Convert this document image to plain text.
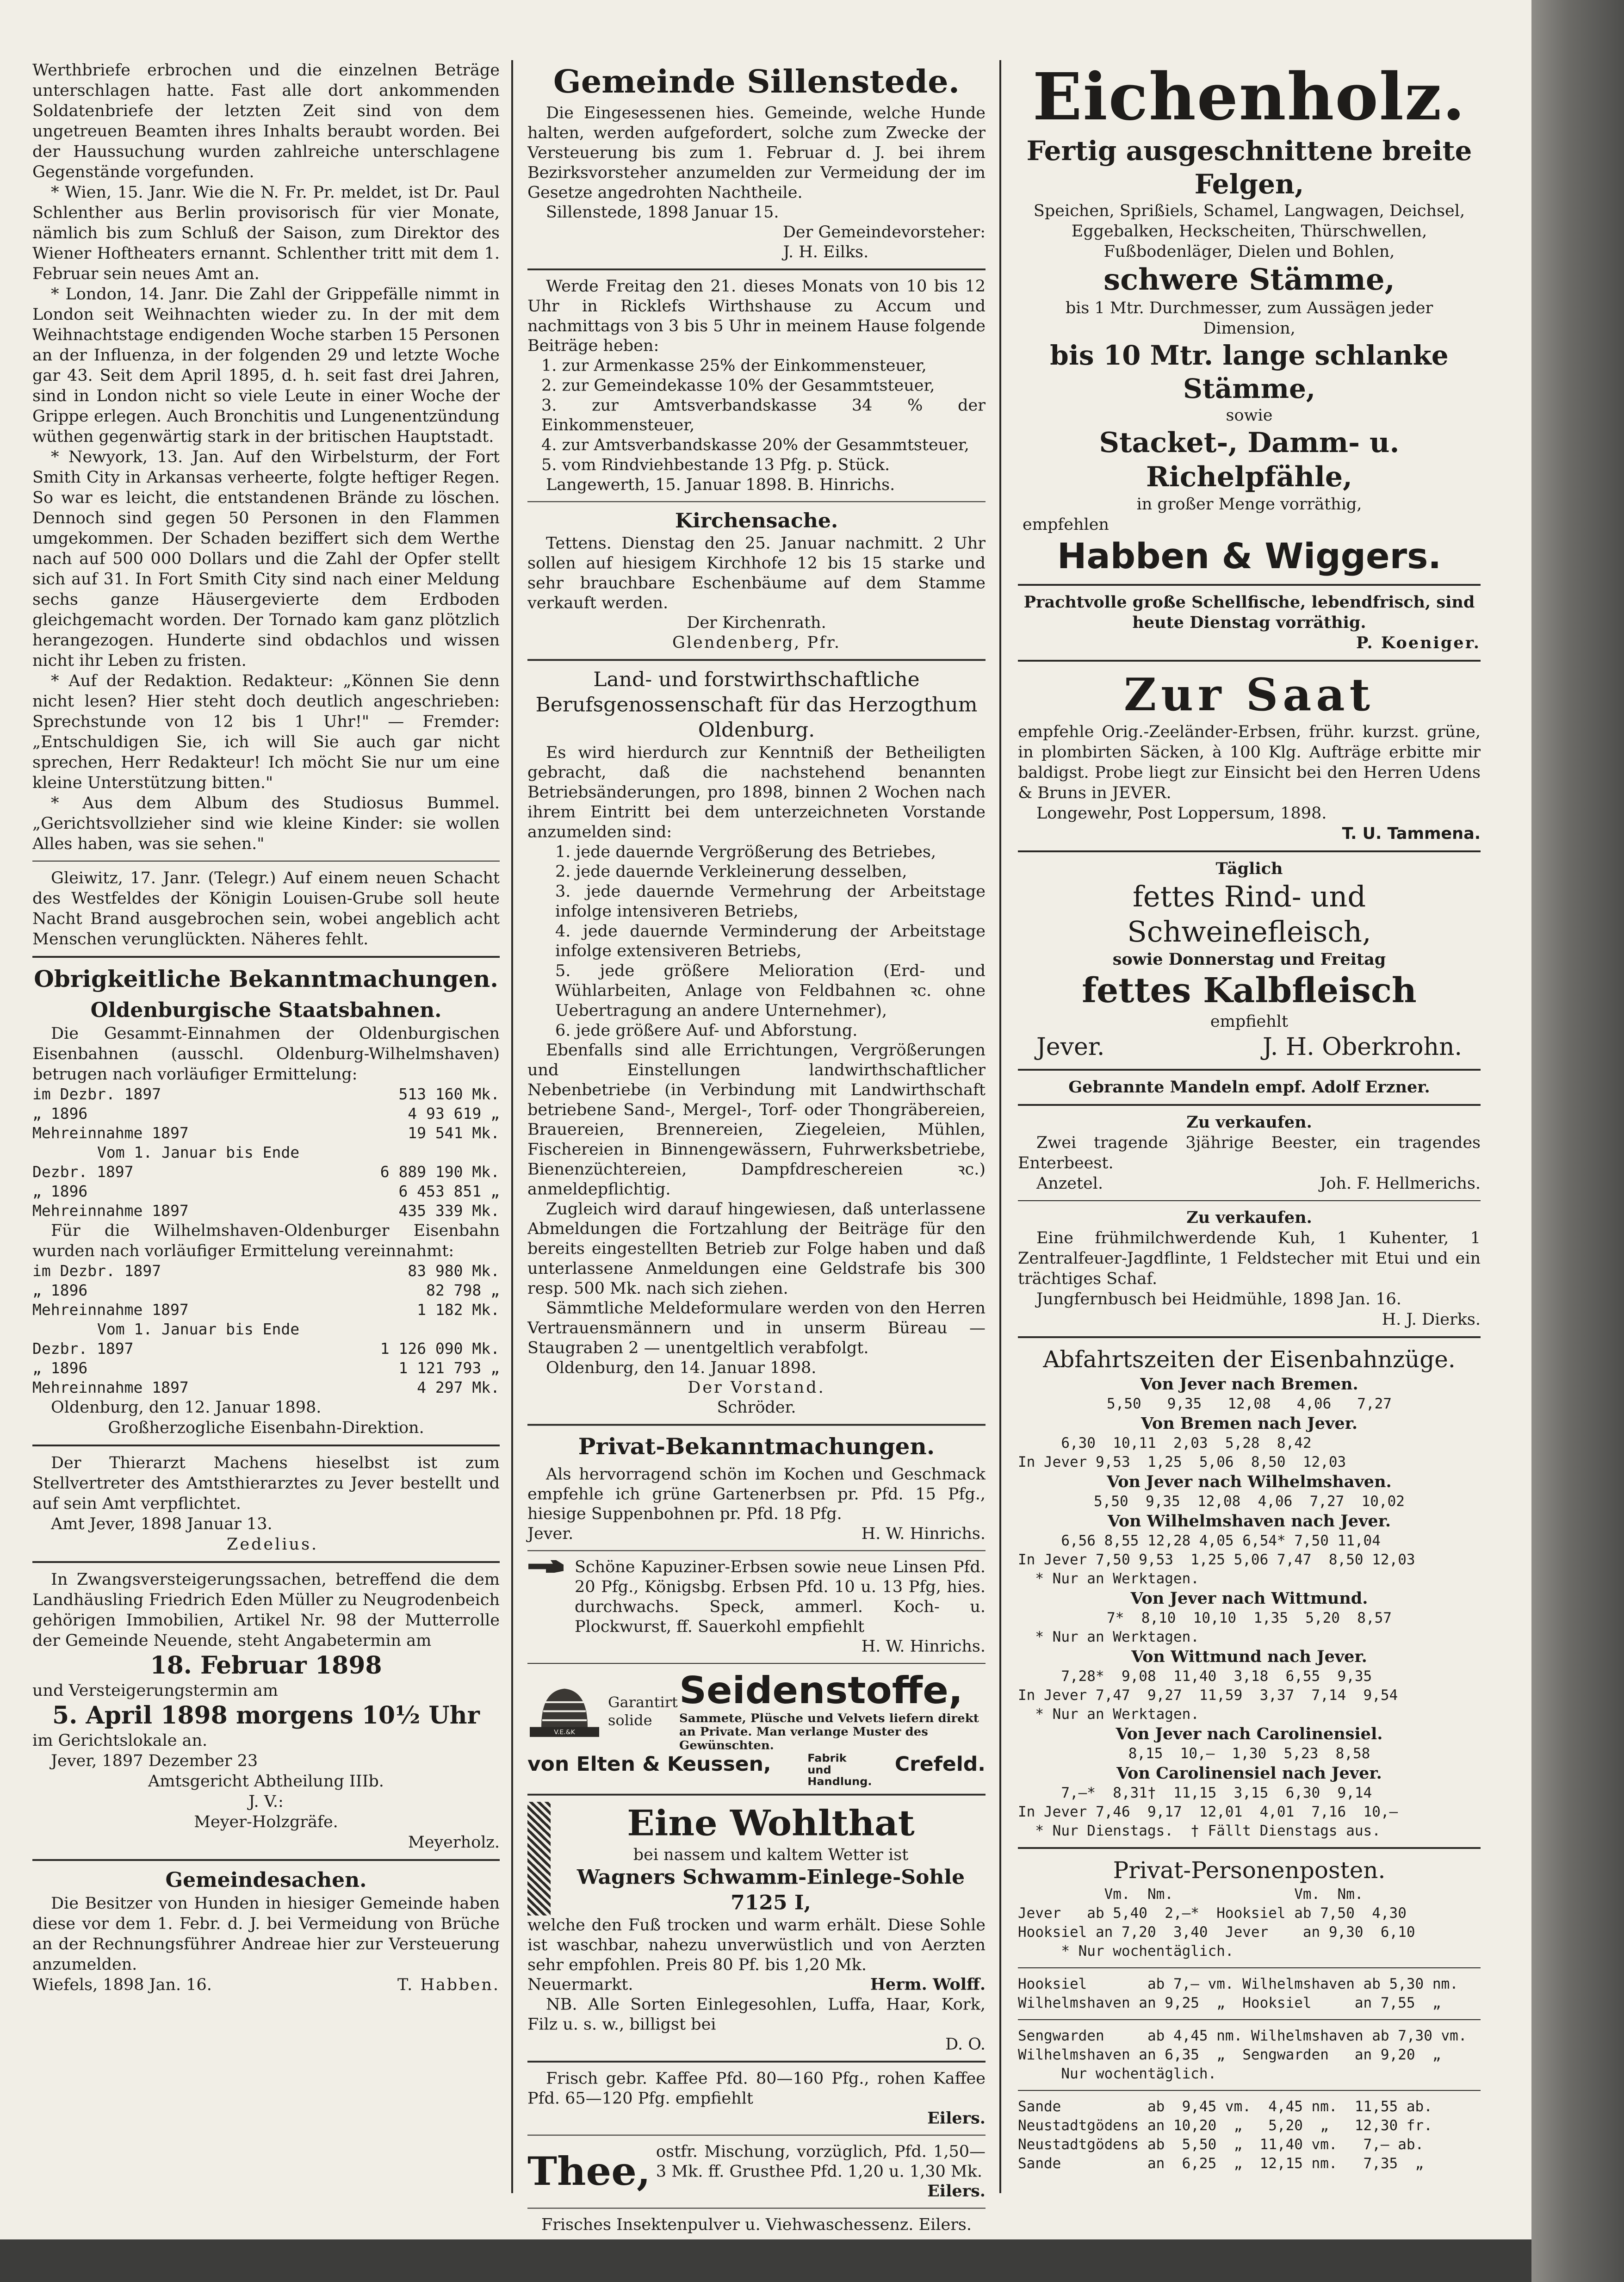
Werthbriefe erbrochen und die einzelnen Beträge unterschlagen hatte. Fast alle dort ankommenden Soldatenbriefe der letzten Zeit sind von dem ungetreuen Beamten ihres Inhalts beraubt worden. Bei der Haussuchung wurden zahlreiche unterschlagene Gegenstände vorgefunden.

* Wien, 15. Janr. Wie die N. Fr. Pr. meldet, ist Dr. Paul Schlenther aus Berlin provisorisch für vier Monate, nämlich bis zum Schluß der Saison, zum Direktor des Wiener Hoftheaters ernannt. Schlenther tritt mit dem 1. Februar sein neues Amt an.

* London, 14. Janr. Die Zahl der Grippefälle nimmt in London seit Weihnachten wieder zu. In der mit dem Weihnachtstage endigenden Woche starben 15 Personen an der Influenza, in der folgenden 29 und letzte Woche gar 43. Seit dem April 1895, d. h. seit fast drei Jahren, sind in London nicht so viele Leute in einer Woche der Grippe erlegen. Auch Bronchitis und Lungenentzündung wüthen gegenwärtig stark in der britischen Hauptstadt.

* Newyork, 13. Jan. Auf den Wirbelsturm, der Fort Smith City in Arkansas verheerte, folgte heftiger Regen. So war es leicht, die entstandenen Brände zu löschen. Dennoch sind gegen 50 Personen in den Flammen umgekommen. Der Schaden beziffert sich dem Werthe nach auf 500 000 Dollars und die Zahl der Opfer stellt sich auf 31. In Fort Smith City sind nach einer Meldung sechs ganze Häusergevierte dem Erdboden gleichgemacht worden. Der Tornado kam ganz plötzlich herangezogen. Hunderte sind obdachlos und wissen nicht ihr Leben zu fristen.

* Auf der Redaktion. Redakteur: „Können Sie denn nicht lesen? Hier steht doch deutlich angeschrieben: Sprechstunde von 12 bis 1 Uhr!" — Fremder: „Entschuldigen Sie, ich will Sie auch gar nicht sprechen, Herr Redakteur! Ich möcht Sie nur um eine kleine Unterstützung bitten."

* Aus dem Album des Studiosus Bummel. „Gerichtsvollzieher sind wie kleine Kinder: sie wollen Alles haben, was sie sehen."

Gleiwitz, 17. Janr. (Telegr.) Auf einem neuen Schacht des Westfeldes der Königin Louisen-Grube soll heute Nacht Brand ausgebrochen sein, wobei angeblich acht Menschen verunglückten. Näheres fehlt.

Obrigkeitliche Bekanntmachungen.
Oldenburgische Staatsbahnen.

Die Gesammt-Einnahmen der Oldenburgischen Eisenbahnen (ausschl. Oldenburg-Wilhelmshaven) betrugen nach vorläufiger Ermittelung:

im Dezbr. 1897	513 160 Mk.
„ 1896	4 93 619 „
Mehreinnahme 1897	19 541 Mk.
Vom 1. Januar bis Ende
Dezbr. 1897	6 889 190 Mk.
„ 1896	6 453 851 „
Mehreinnahme 1897	435 339 Mk.

Für die Wilhelmshaven-Oldenburger Eisenbahn wurden nach vorläufiger Ermittelung vereinnahmt:

im Dezbr. 1897	83 980 Mk.
„ 1896	82 798 „
Mehreinnahme 1897	1 182 Mk.
Vom 1. Januar bis Ende
Dezbr. 1897	1 126 090 Mk.
„ 1896	1 121 793 „
Mehreinnahme 1897	4 297 Mk.

Oldenburg, den 12. Januar 1898.

Großherzogliche Eisenbahn-Direktion.

Der Thierarzt Machens hieselbst ist zum Stellvertreter des Amtsthierarztes zu Jever bestellt und auf sein Amt verpflichtet.

Amt Jever, 1898 Januar 13.

Zedelius.

In Zwangsversteigerungssachen, betreffend die dem Landhäusling Friedrich Eden Müller zu Neugrodenbeich gehörigen Immobilien, Artikel Nr. 98 der Mutterrolle der Gemeinde Neuende, steht Angabetermin am

18. Februar 1898

und Versteigerungstermin am

5. April 1898 morgens 10½ Uhr

im Gerichtslokale an.

Jever, 1897 Dezember 23

Amtsgericht Abtheilung IIIb.

J. V.:

Meyer-Holzgräfe.

Meyerholz.

Gemeindesachen.

Die Besitzer von Hunden in hiesiger Gemeinde haben diese vor dem 1. Febr. d. J. bei Vermeidung von Brüche an der Rechnungsführer Andreae hier zur Versteuerung anzumelden.

Wiefels, 1898 Jan. 16.	T. Habben.
Gemeinde Sillenstede.

Die Eingesessenen hies. Gemeinde, welche Hunde halten, werden aufgefordert, solche zum Zwecke der Versteuerung bis zum 1. Februar d. J. bei ihrem Bezirksvorsteher anzumelden zur Vermeidung der im Gesetze angedrohten Nachtheile.

Sillenstede, 1898 Januar 15.

Der Gemeindevorsteher:

J. H. Eilks.

Werde Freitag den 21. dieses Monats von 10 bis 12 Uhr in Ricklefs Wirthshause zu Accum und nachmittags von 3 bis 5 Uhr in meinem Hause folgende Beiträge heben:

1. zur Armenkasse 25% der Einkommensteuer,

2. zur Gemeindekasse 10% der Gesammtsteuer,

3. zur Amtsverbandskasse 34 % der Einkommensteuer,

4. zur Amtsverbandskasse 20% der Gesammtsteuer,

5. vom Rindviehbestande 13 Pfg. p. Stück.

Langewerth, 15. Januar 1898. B. Hinrichs.

Kirchensache.

Tettens. Dienstag den 25. Januar nachmitt. 2 Uhr sollen auf hiesigem Kirchhofe 12 bis 15 starke und sehr brauchbare Eschenbäume auf dem Stamme verkauft werden.

Der Kirchenrath.

Glendenberg, Pfr.

Land- und forstwirthschaftliche Berufsgenossenschaft für das Herzogthum Oldenburg.

Es wird hierdurch zur Kenntniß der Betheiligten gebracht, daß die nachstehend benannten Betriebsänderungen, pro 1898, binnen 2 Wochen nach ihrem Eintritt bei dem unterzeichneten Vorstande anzumelden sind:

1. jede dauernde Vergrößerung des Betriebes,

2. jede dauernde Verkleinerung desselben,

3. jede dauernde Vermehrung der Arbeitstage infolge intensiveren Betriebs,

4. jede dauernde Verminderung der Arbeitstage infolge extensiveren Betriebs,

5. jede größere Melioration (Erd- und Wühlarbeiten, Anlage von Feldbahnen ꝛc. ohne Uebertragung an andere Unternehmer),

6. jede größere Auf- und Abforstung.

Ebenfalls sind alle Errichtungen, Vergrößerungen und Einstellungen landwirthschaftlicher Nebenbetriebe (in Verbindung mit Landwirthschaft betriebene Sand-, Mergel-, Torf- oder Thongräbereien, Brauereien, Brennereien, Ziegeleien, Mühlen, Fischereien in Binnengewässern, Fuhrwerksbetriebe, Bienenzüchtereien, Dampfdreschereien ꝛc.) anmeldepflichtig.

Zugleich wird darauf hingewiesen, daß unterlassene Abmeldungen die Fortzahlung der Beiträge für den bereits eingestellten Betrieb zur Folge haben und daß unterlassene Anmeldungen eine Geldstrafe bis 300 resp. 500 Mk. nach sich ziehen.

Sämmtliche Meldeformulare werden von den Herren Vertrauensmännern und in unserm Büreau — Staugraben 2 — unentgeltlich verabfolgt.

Oldenburg, den 14. Januar 1898.

Der Vorstand.

Schröder.

Privat-Bekanntmachungen.

Als hervorragend schön im Kochen und Geschmack empfehle ich grüne Gartenerbsen pr. Pfd. 15 Pfg., hiesige Suppenbohnen pr. Pfd. 18 Pfg.

Jever.	H. W. Hinrichs.

Schöne Kapuziner-Erbsen sowie neue Linsen Pfd. 20 Pfg., Königsbg. Erbsen Pfd. 10 u. 13 Pfg, hies. durchwachs. Speck, ammerl. Koch- u. Plockwurst, ff. Sauerkohl empfiehlt

H. W. Hinrichs.

V.E.&K
Garantirt solide
Seidenstoffe,
Sammete, Plüsche und Velvets liefern direkt an Private. Man verlange Muster des Gewünschten.
von Elten & Keussen,	Fabrik und Handlung.
Crefeld.
Eine Wohlthat

bei nassem und kaltem Wetter ist

Wagners Schwamm-Einlege-Sohle 7125 I,

welche den Fuß trocken und warm erhält. Diese Sohle ist waschbar, nahezu unverwüstlich und von Aerzten sehr empfohlen. Preis 80 Pf. bis 1,20 Mk.

Neuermarkt.	Herm. Wolff.

NB. Alle Sorten Einlegesohlen, Luffa, Haar, Kork, Filz u. s. w., billigst bei

D. O.

Frisch gebr. Kaffee Pfd. 80—160 Pfg., rohen Kaffee Pfd. 65—120 Pfg. empfiehlt

Eilers.

Thee, ostfr. Mischung, vorzüglich, Pfd. 1,50—3 Mk. ff. Grusthee Pfd. 1,20 u. 1,30 Mk.

Eilers.

Frisches Insektenpulver u. Viehwaschessenz. Eilers.

Eichenholz.
Fertig ausgeschnittene breite Felgen,

Speichen, Sprißiels, Schamel, Langwagen, Deichsel, Eggebalken, Heckscheiten, Thürschwellen, Fußbodenläger, Dielen und Bohlen,

schwere Stämme,

bis 1 Mtr. Durchmesser, zum Aussägen jeder Dimension,

bis 10 Mtr. lange schlanke Stämme,

sowie

Stacket-, Damm- u. Richelpfähle,

in großer Menge vorräthig,

empfehlen

Habben & Wiggers.

Prachtvolle große Schellfische, lebendfrisch, sind heute Dienstag vorräthig.

P. Koeniger.

Zur Saat

empfehle Orig.-Zeeländer-Erbsen, frühr. kurzst. grüne, in plombirten Säcken, à 100 Klg. Aufträge erbitte mir baldigst. Probe liegt zur Einsicht bei den Herren Udens & Bruns in JEVER.

Longewehr, Post Loppersum, 1898.

T. U. Tammena.

Täglich

fettes Rind- und Schweinefleisch,

sowie Donnerstag und Freitag

fettes Kalbfleisch

empfiehlt

Jever.	J. H. Oberkrohn.

Gebrannte Mandeln empf. Adolf Erzner.

Zu verkaufen.

Zwei tragende 3jährige Beester, ein tragendes Enterbeest.

Anzetel.	Joh. F. Hellmerichs.

Zu verkaufen.

Eine frühmilchwerdende Kuh, 1 Kuhenter, 1 Zentralfeuer-Jagdflinte, 1 Feldstecher mit Etui und ein trächtiges Schaf.

Jungfernbusch bei Heidmühle, 1898 Jan. 16.

H. J. Dierks.

Abfahrtszeiten der Eisenbahnzüge.

Von Jever nach Bremen.

5,50   9,35   12,08   4,06   7,27

Von Bremen nach Jever.

6,30  10,11  2,03  5,28  8,42

In Jever 9,53  1,25  5,06  8,50  12,03

Von Jever nach Wilhelmshaven.

5,50  9,35  12,08  4,06  7,27  10,02

Von Wilhelmshaven nach Jever.

6,56 8,55 12,28 4,05 6,54* 7,50 11,04

In Jever 7,50 9,53  1,25 5,06 7,47  8,50 12,03

* Nur an Werktagen.

Von Jever nach Wittmund.

7*  8,10  10,10  1,35  5,20  8,57

* Nur an Werktagen.

Von Wittmund nach Jever.

7,28*  9,08  11,40  3,18  6,55  9,35

In Jever 7,47  9,27  11,59  3,37  7,14  9,54

* Nur an Werktagen.

Von Jever nach Carolinensiel.

8,15  10,—  1,30  5,23  8,58

Von Carolinensiel nach Jever.

7,—*  8,31†  11,15  3,15  6,30  9,14

In Jever 7,46  9,17  12,01  4,01  7,16  10,—

* Nur Dienstags.  † Fällt Dienstags aus.

Privat-Personenposten.

Vm.  Nm.              Vm.  Nm.

Jever   ab 5,40  2,—*  Hooksiel ab 7,50  4,30

Hooksiel an 7,20  3,40  Jever    an 9,30  6,10

* Nur wochentäglich.

Hooksiel       ab 7,— vm. Wilhelmshaven ab 5,30 nm.

Wilhelmshaven an 9,25  „  Hooksiel     an 7,55  „

Sengwarden     ab 4,45 nm. Wilhelmshaven ab 7,30 vm.

Wilhelmshaven an 6,35  „  Sengwarden   an 9,20  „

Nur wochentäglich.

Sande          ab  9,45 vm.  4,45 nm.  11,55 ab.

Neustadtgödens an 10,20  „   5,20  „   12,30 fr.

Neustadtgödens ab  5,50  „  11,40 vm.   7,— ab.

Sande          an  6,25  „  12,15 nm.   7,35  „
